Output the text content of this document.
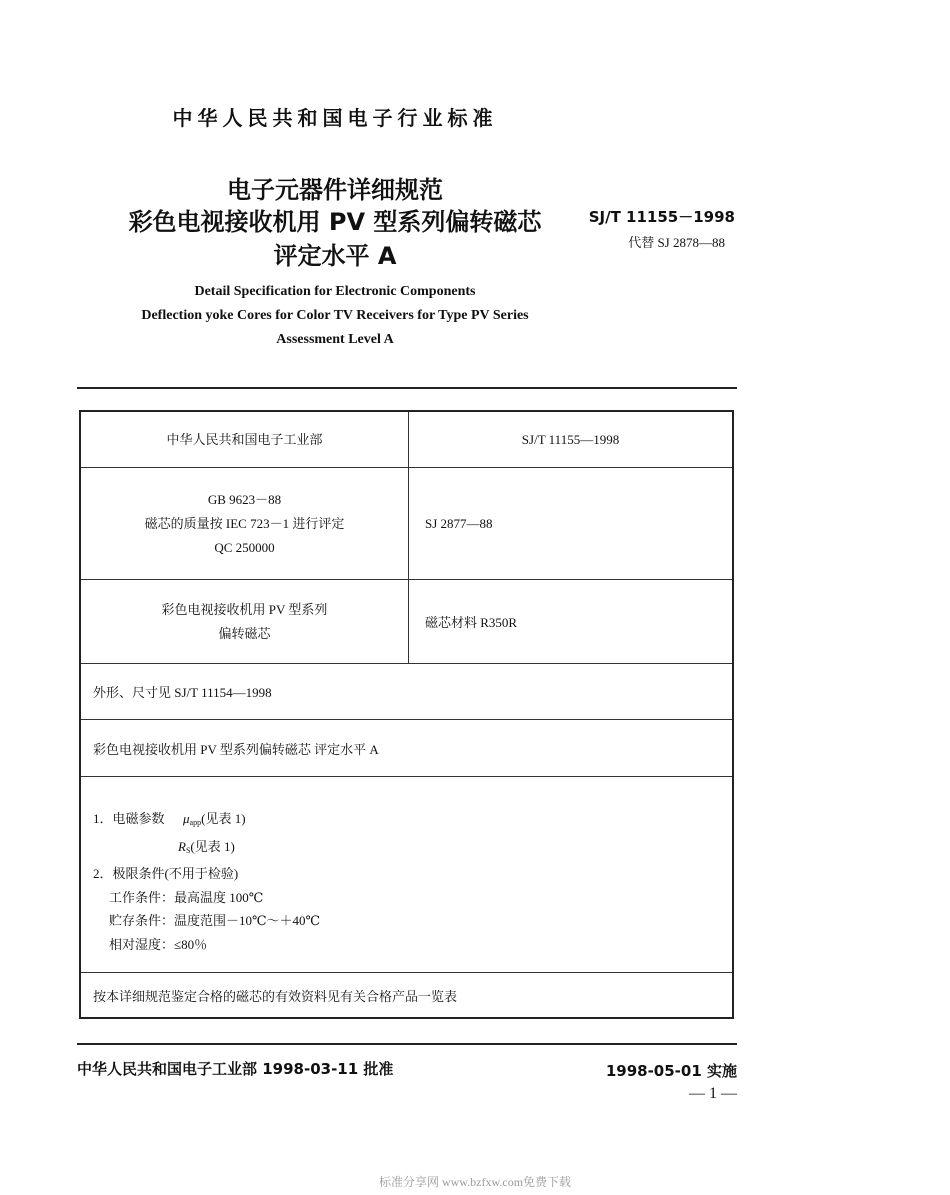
中华人民共和国电子行业标准
电子元器件详细规范
彩色电视接收机用 PV 型系列偏转磁芯
评定水平 A
SJ/T 11155－1998
代替 SJ 2878—88
Detail Specification for Electronic Components
Deflection yoke Cores for Color TV Receivers for Type PV Series
Assessment Level A
中华人民共和国电子工业部	SJ/T 11155—1998
GB 9623－88
磁芯的质量按 IEC 723－1 进行评定
QC 250000
SJ 2877—88
彩色电视接收机用 PV 型系列
偏转磁芯
磁芯材料 R350R
外形、尺寸见 SJ/T 11154—1998
彩色电视接收机用 PV 型系列偏转磁芯 评定水平 A
1．电磁参数 $\mu_{app}$(见表 1)
$R_S$(见表 1)
2．极限条件(不用于检验)
工作条件：最高温度 100℃
贮存条件：温度范围－10℃～＋40℃
相对湿度：≤80％
按本详细规范鉴定合格的磁芯的有效资料见有关合格产品一览表
中华人民共和国电子工业部 1998-03-11 批准	1998-05-01 实施
— 1 —
标准分享网 www.bzfxw.com免费下载
